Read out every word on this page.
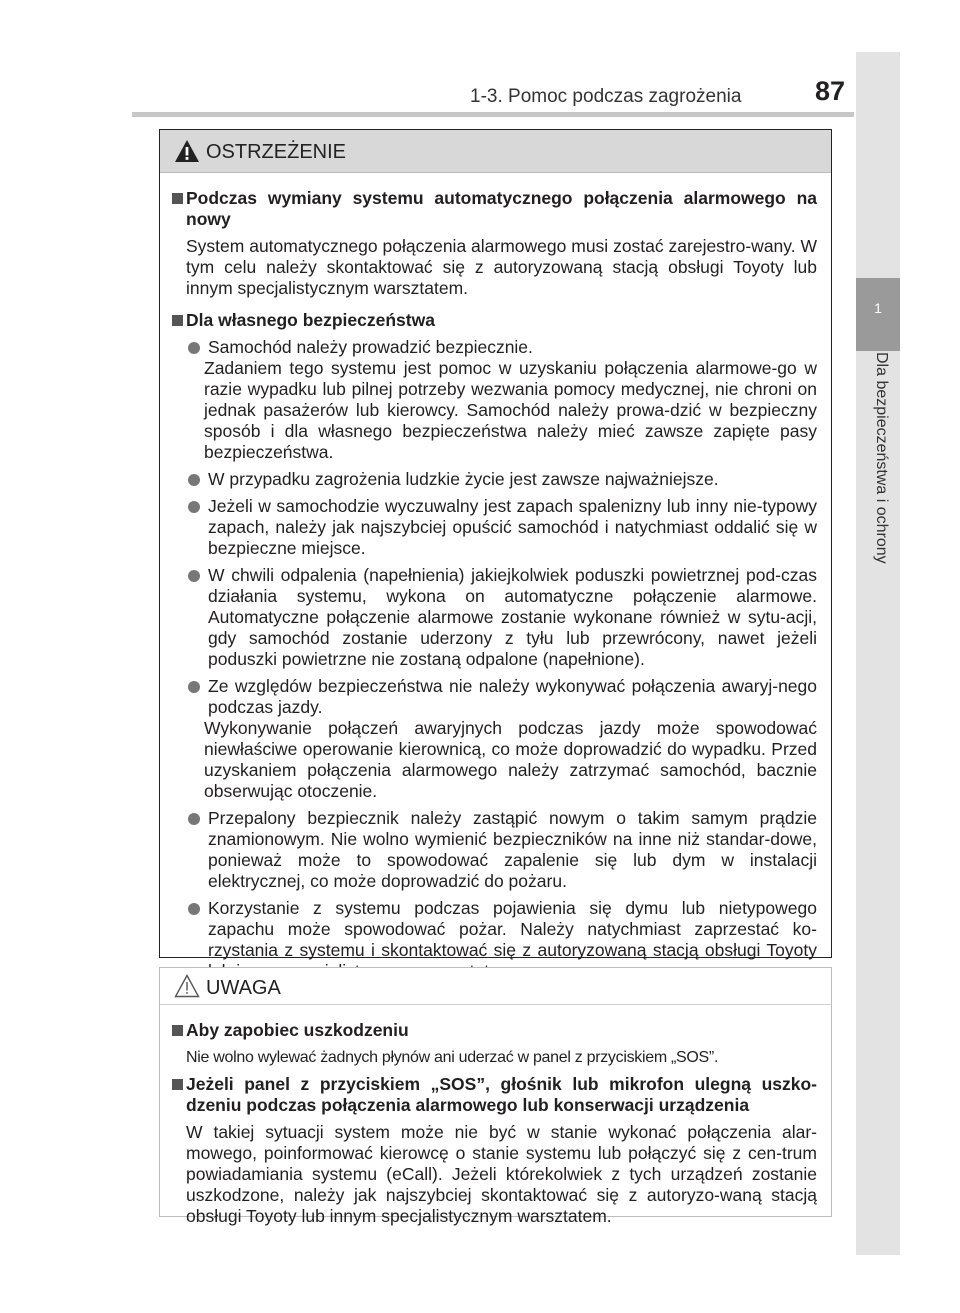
1-3. Pomoc podczas zagrożenia	87
1
Dla bezpieczeństwa i ochrony
OSTRZEŻENIE
Podczas wymiany systemu automatycznego połączenia alarmowego na nowy
System automatycznego połączenia alarmowego musi zostać zarejestro-wany. W tym celu należy skontaktować się z autoryzowaną stacją obsługi Toyoty lub innym specjalistycznym warsztatem.
Dla własnego bezpieczeństwa
Samochód należy prowadzić bezpiecznie.
Zadaniem tego systemu jest pomoc w uzyskaniu połączenia alarmowe-go w razie wypadku lub pilnej potrzeby wezwania pomocy medycznej, nie chroni on jednak pasażerów lub kierowcy. Samochód należy prowa-dzić w bezpieczny sposób i dla własnego bezpieczeństwa należy mieć zawsze zapięte pasy bezpieczeństwa.
W przypadku zagrożenia ludzkie życie jest zawsze najważniejsze.
Jeżeli w samochodzie wyczuwalny jest zapach spalenizny lub inny nie-typowy zapach, należy jak najszybciej opuścić samochód i natychmiast oddalić się w bezpieczne miejsce.
W chwili odpalenia (napełnienia) jakiejkolwiek poduszki powietrznej pod-czas działania systemu, wykona on automatyczne połączenie alarmowe. Automatyczne połączenie alarmowe zostanie wykonane również w sytu-acji, gdy samochód zostanie uderzony z tyłu lub przewrócony, nawet jeżeli poduszki powietrzne nie zostaną odpalone (napełnione).
Ze względów bezpieczeństwa nie należy wykonywać połączenia awaryj-nego podczas jazdy.
Wykonywanie połączeń awaryjnych podczas jazdy może spowodować niewłaściwe operowanie kierownicą, co może doprowadzić do wypadku. Przed uzyskaniem połączenia alarmowego należy zatrzymać samochód, bacznie obserwując otoczenie.
Przepalony bezpiecznik należy zastąpić nowym o takim samym prądzie znamionowym. Nie wolno wymienić bezpieczników na inne niż standar-dowe, ponieważ może to spowodować zapalenie się lub dym w instalacji elektrycznej, co może doprowadzić do pożaru.
Korzystanie z systemu podczas pojawienia się dymu lub nietypowego zapachu może spowodować pożar. Należy natychmiast zaprzestać ko-rzystania z systemu i skontaktować się z autoryzowaną stacją obsługi Toyoty
UWAGA
Aby zapobiec uszkodzeniu
Nie wolno wylewać żadnych płynów ani uderzać w panel z przyciskiem „SOS”.
Jeżeli panel z przyciskiem „SOS”, głośnik lub mikrofon ulegną uszko-dzeniu podczas połączenia alarmowego lub konserwacji urządzenia
W takiej sytuacji system może nie być w stanie wykonać połączenia alar-mowego, poinformować kierowcę o stanie systemu lub połączyć się z cen-trum powiadamiania systemu (eCall). Jeżeli którekolwiek z tych urządzeń zostanie uszkodzone, należy jak najszybciej skontaktować się z autoryzo-waną stacją obsługi Toyoty lub innym specjalistycznym warsztatem.
